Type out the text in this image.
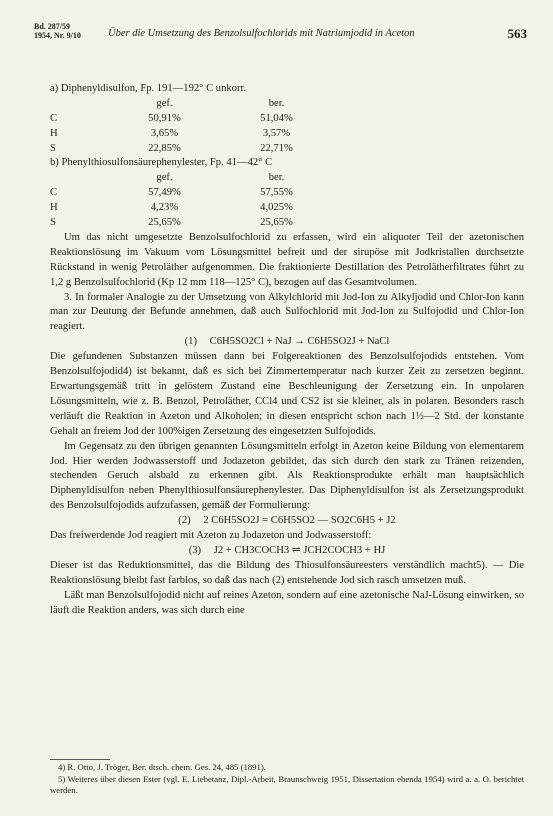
Bd. 287/59
1954, Nr. 9/10	Über die Umsetzung des Benzolsulfochlorids mit Natriumjodid in Aceton	563
a) Diphenyldisulfon, Fp. 191—192° C unkorr.
gef.	ber.
C	50,91%	51,04%
H	3,65%	3,57%
S	22,85%	22,71%
b) Phenylthiosulfonsäurephenylester, Fp. 41—42° C
gef.	ber.
C	57,49%	57,55%
H	4,23%	4,025%
S	25,65%	25,65%

Um das nicht umgesetzte Benzolsulfochlorid zu erfassen, wird ein aliquoter Teil der azetonischen Reaktionslösung im Vakuum vom Lösungsmittel befreit und der sirupöse mit Jodkristallen durchsetzte Rückstand in wenig Petroläther aufgenommen. Die fraktionierte Destillation des Petrolätherfiltrates führt zu 1,2 g Benzolsulfochlorid (Kp 12 mm 118—125° C), bezogen auf das Gesamtvolumen.

3. In formaler Analogie zu der Umsetzung von Alkylchlorid mit Jod-Ion zu Alkyljodid und Chlor-Ion kann man zur Deutung der Befunde annehmen, daß auch Sulfochlorid mit Jod-Ion zu Sulfojodid und Chlor-Ion reagiert.

(1) C6H5SO2Cl + NaJ → C6H5SO2J + NaCl

Die gefundenen Substanzen müssen dann bei Folgereaktionen des Benzolsulfojodids entstehen. Vom Benzolsulfojodid4) ist bekannt, daß es sich bei Zimmertemperatur nach kurzer Zeit zu zersetzen beginnt. Erwartungsgemäß tritt in gelöstem Zustand eine Beschleunigung der Zersetzung ein. In unpolaren Lösungsmitteln, wie z. B. Benzol, Petroläther, CCl4 und CS2 ist sie kleiner, als in polaren. Besonders rasch verläuft die Reaktion in Azeton und Alkoholen; in diesen entspricht schon nach 1½—2 Std. der konstante Gehalt an freiem Jod der 100%igen Zersetzung des eingesetzten Sulfojodids.

Im Gegensatz zu den übrigen genannten Lösungsmitteln erfolgt in Azeton keine Bildung von elementarem Jod. Hier werden Jodwasserstoff und Jodazeton gebildet, das sich durch den stark zu Tränen reizenden, stechenden Geruch alsbald zu erkennen gibt. Als Reaktionsprodukte erhält man hauptsächlich Diphenyldisulfon neben Phenylthiosulfonsäurephenylester. Das Diphenyldisulfon ist als Zersetzungsprodukt des Benzolsulfojodids aufzufassen, gemäß der Formulierung:

(2) 2 C6H5SO2J = C6H5SO2 — SO2C6H5 + J2

Das freiwerdende Jod reagiert mit Azeton zu Jodazeton und Jodwasserstoff:

(3) J2 + CH3COCH3 ⇌ JCH2COCH3 + HJ

Dieser ist das Reduktionsmittel, das die Bildung des Thiosulfonsäureesters verständlich macht5). — Die Reaktionslösung bleibt fast farblos, so daß das nach (2) entstehende Jod sich rasch umsetzen muß.

Läßt man Benzolsulfojodid nicht auf reines Azeton, sondern auf eine azetonische NaJ-Lösung einwirken, so läuft die Reaktion anders, was sich durch eine

4) R. Otto, J. Tröger, Ber. dtsch. chem. Ges. 24, 485 (1891).

5) Weiteres über diesen Ester (vgl. E. Liebetanz, Dipl.-Arbeit, Braunschweig 1951, Dissertation ebenda 1954) wird a. a. O. berichtet werden.
